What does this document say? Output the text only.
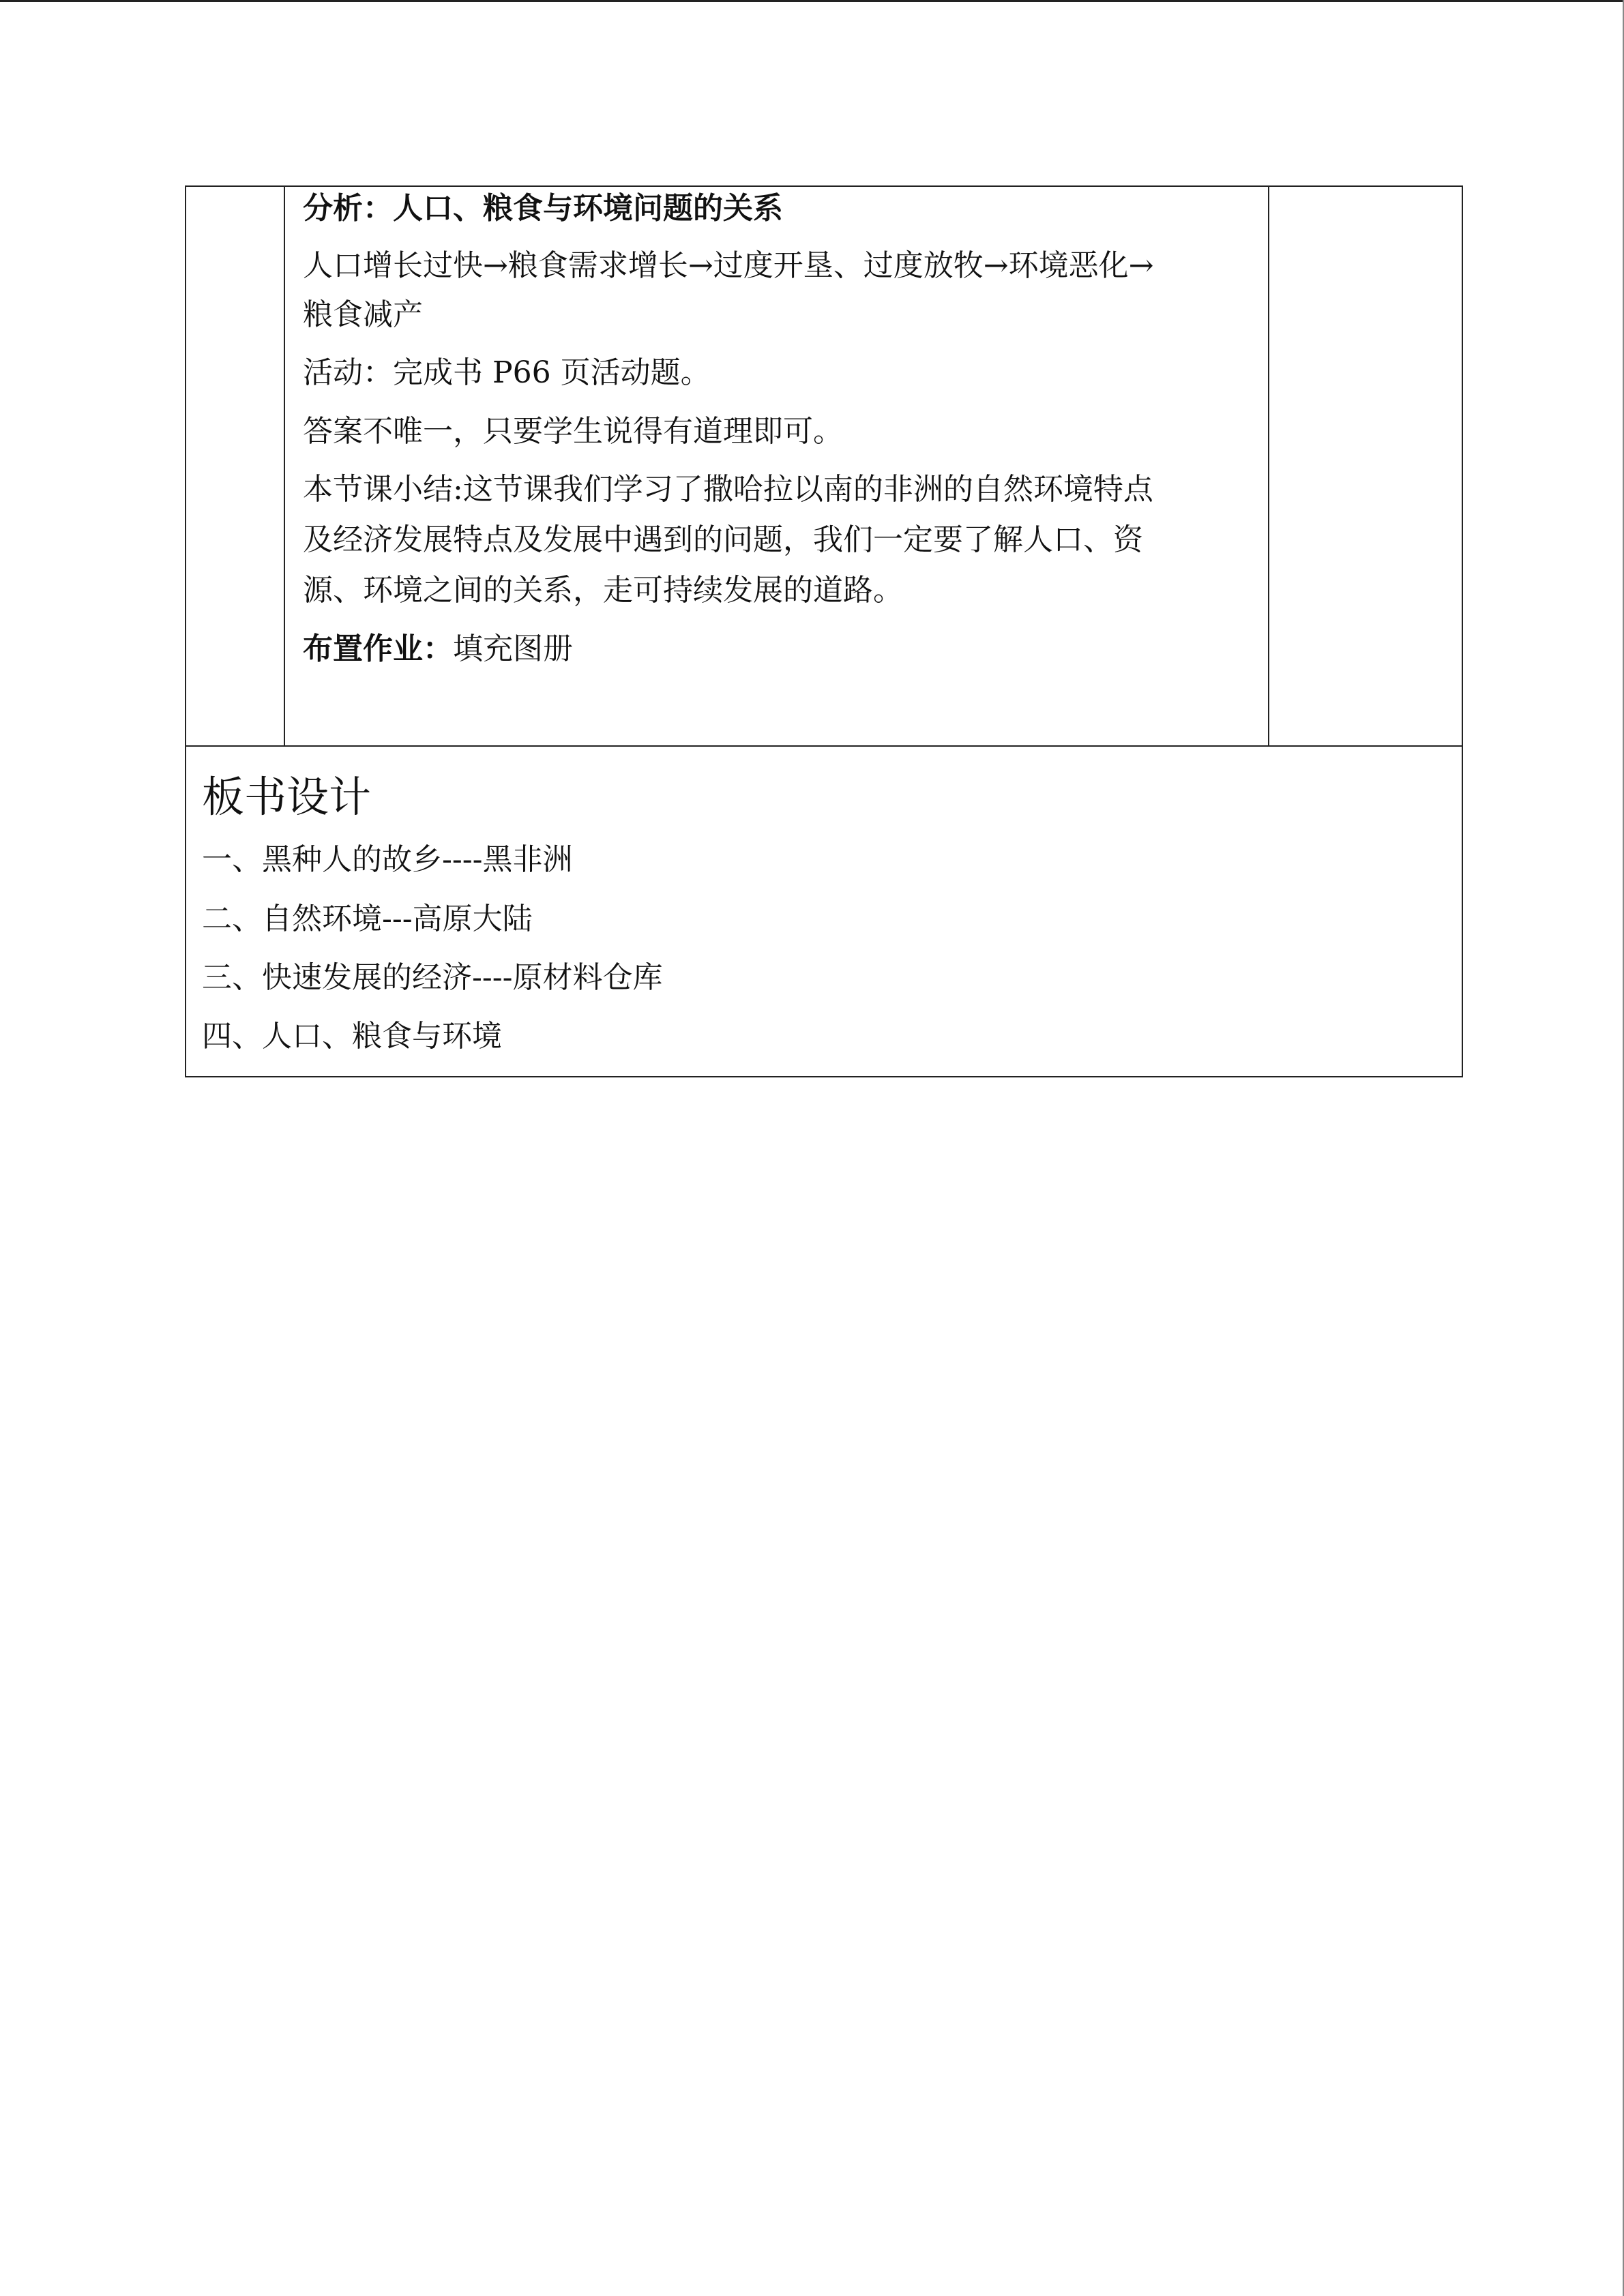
分析：人口、粮食与环境问题的关系
人口增长过快→粮食需求增长→过度开垦、过度放牧→环境恶化→
粮食减产
活动：完成书 P66 页活动题。
答案不唯一，只要学生说得有道理即可。
本节课小结:这节课我们学习了撒哈拉以南的非洲的自然环境特点
及经济发展特点及发展中遇到的问题，我们一定要了解人口、资
源、环境之间的关系，走可持续发展的道路。
布置作业：填充图册
板书设计
一、黑种人的故乡----黑非洲
二、自然环境---高原大陆
三、快速发展的经济----原材料仓库
四、人口、粮食与环境
